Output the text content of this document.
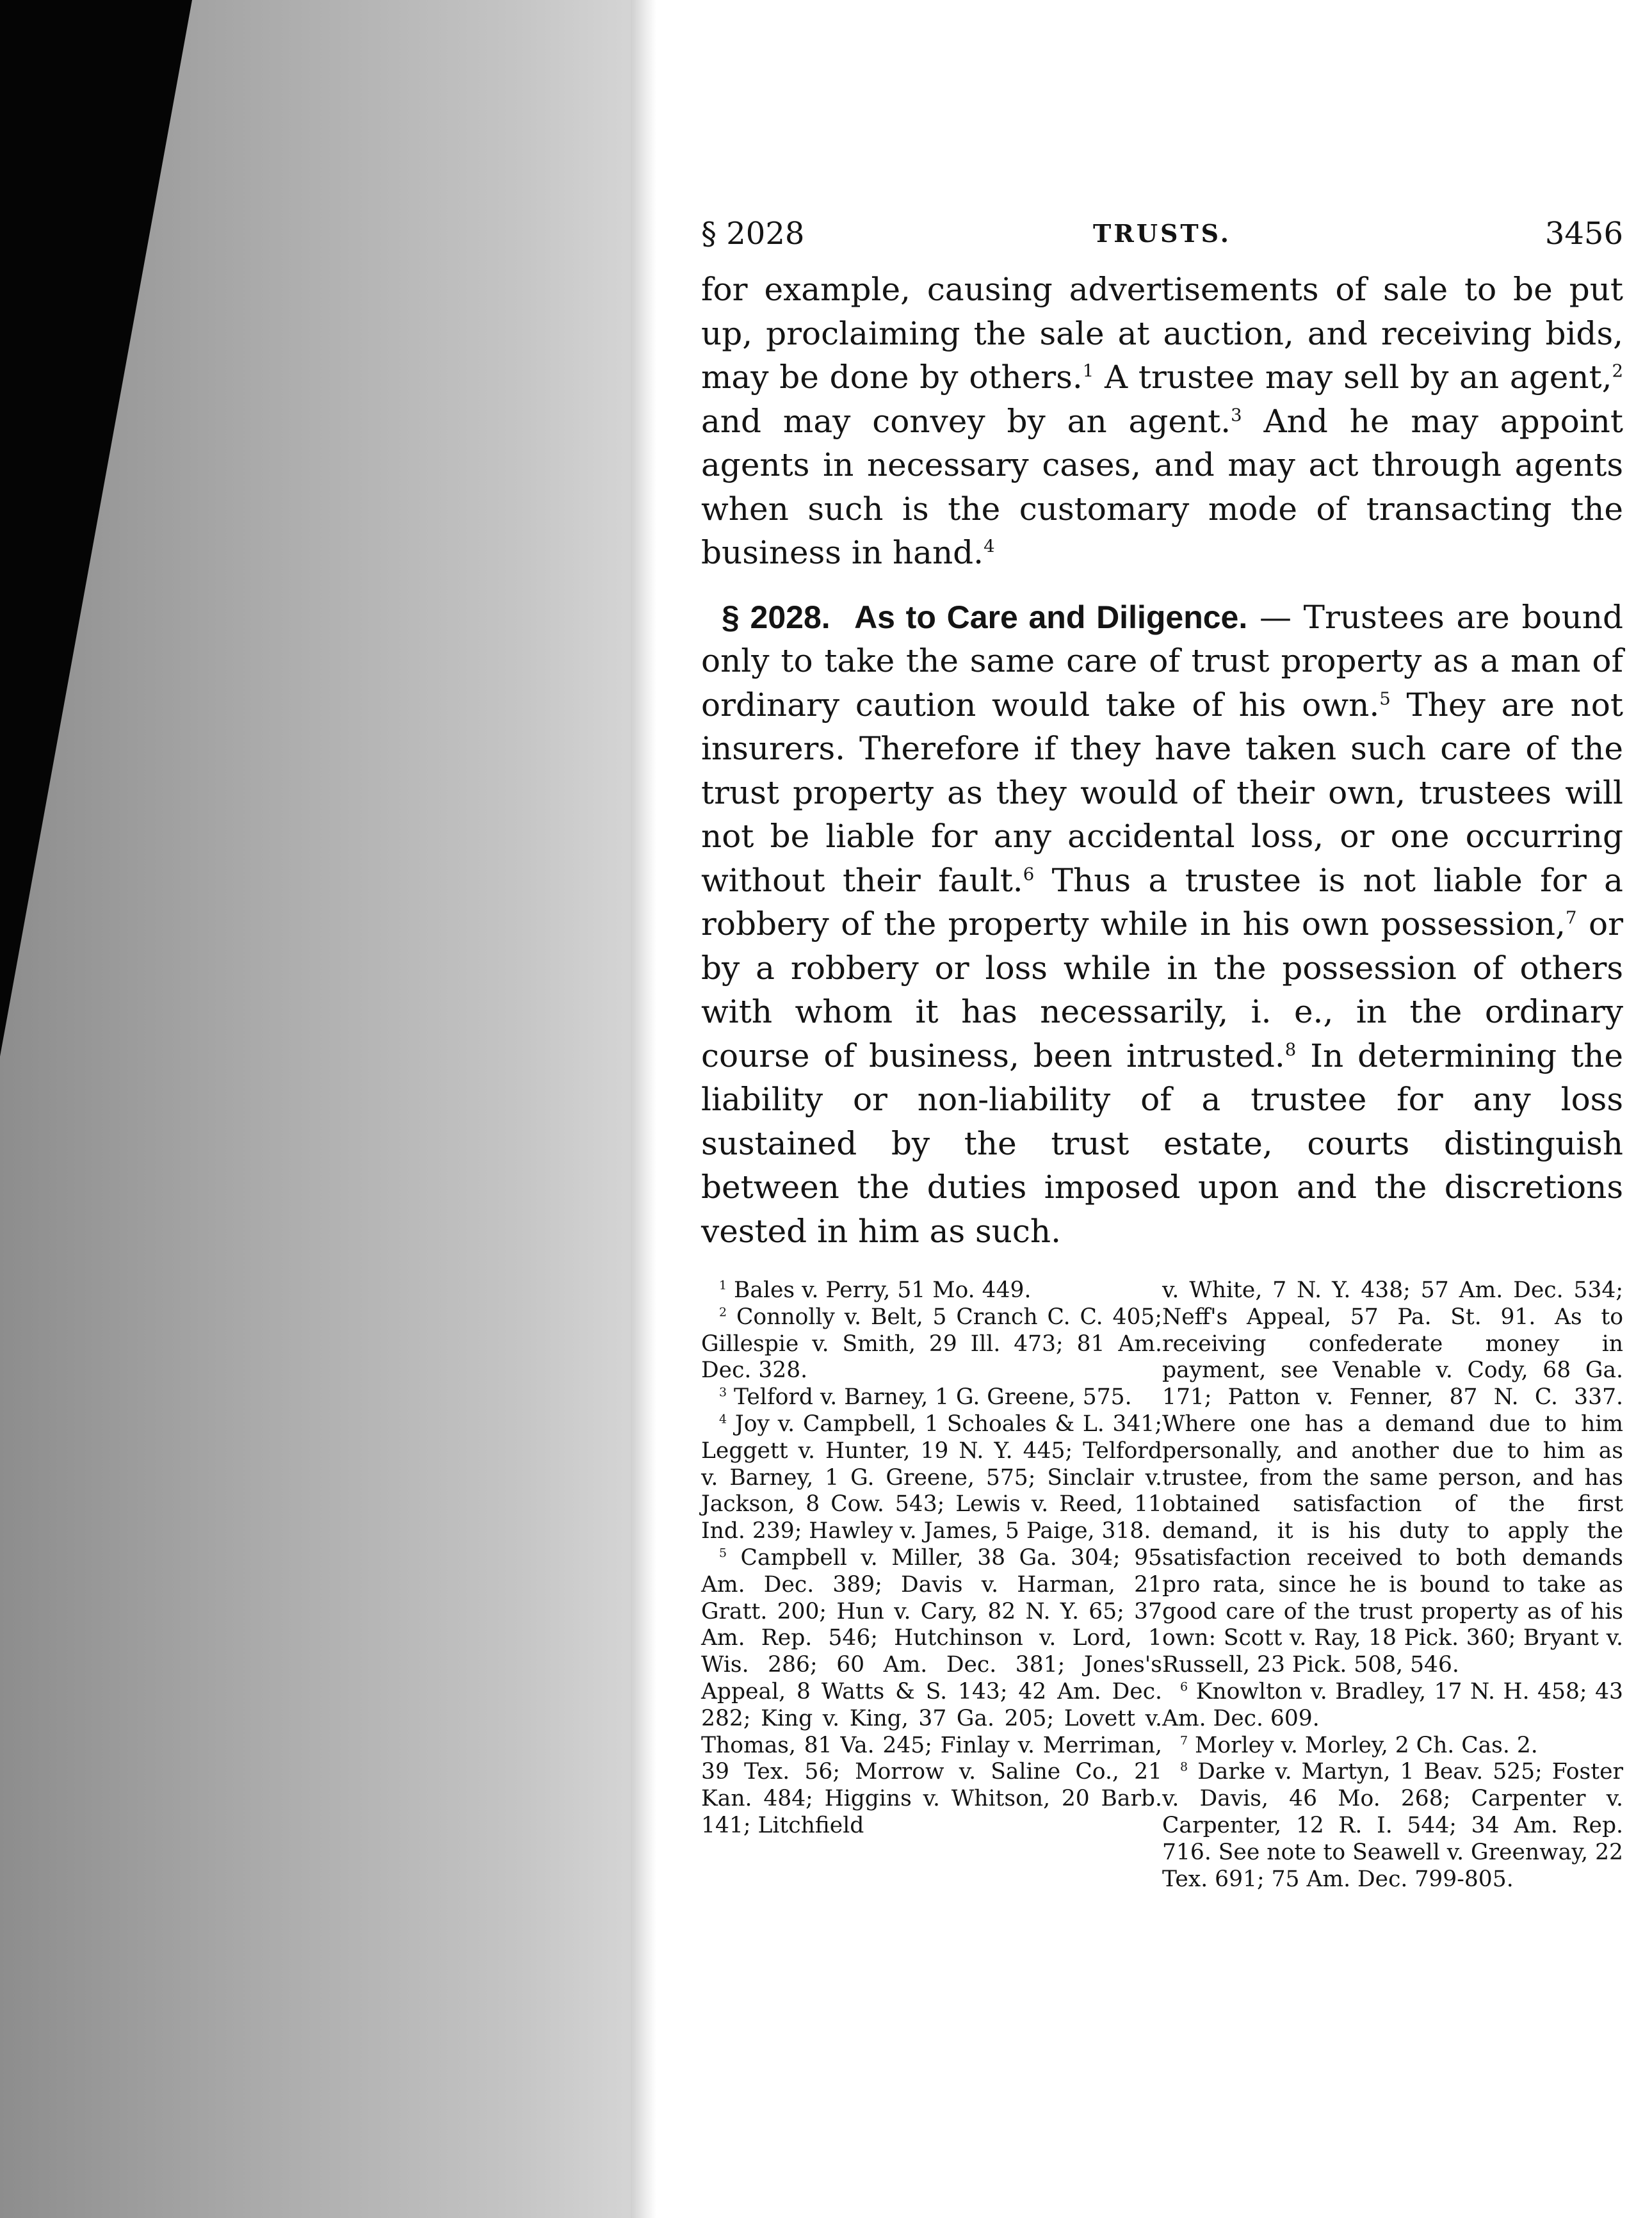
§ 2028	TRUSTS.	3456

for example, causing advertisements of sale to be put up, proclaiming the sale at auction, and receiving bids, may be done by others.$^1$ A trustee may sell by an agent,$^2$ and may convey by an agent.$^3$ And he may appoint agents in necessary cases, and may act through agents when such is the customary mode of transacting the business in hand.$^4$

§ 2028. As to Care and Diligence. — Trustees are bound only to take the same care of trust property as a man of ordinary caution would take of his own.$^5$ They are not insurers. Therefore if they have taken such care of the trust property as they would of their own, trustees will not be liable for any accidental loss, or one occurring without their fault.$^6$ Thus a trustee is not liable for a robbery of the property while in his own possession,$^7$ or by a robbery or loss while in the possession of others with whom it has necessarily, i. e., in the ordinary course of business, been intrusted.$^8$ In determining the liability or non-liability of a trustee for any loss sustained by the trust estate, courts distinguish between the duties imposed upon and the discretions vested in him as such.

$^1$ Bales v. Perry, 51 Mo. 449.

$^2$ Connolly v. Belt, 5 Cranch C. C. 405; Gillespie v. Smith, 29 Ill. 473; 81 Am. Dec. 328.

$^3$ Telford v. Barney, 1 G. Greene, 575.

$^4$ Joy v. Campbell, 1 Schoales & L. 341; Leggett v. Hunter, 19 N. Y. 445; Telford v. Barney, 1 G. Greene, 575; Sinclair v. Jackson, 8 Cow. 543; Lewis v. Reed, 11 Ind. 239; Hawley v. James, 5 Paige, 318.

$^5$ Campbell v. Miller, 38 Ga. 304; 95 Am. Dec. 389; Davis v. Harman, 21 Gratt. 200; Hun v. Cary, 82 N. Y. 65; 37 Am. Rep. 546; Hutchinson v. Lord, 1 Wis. 286; 60 Am. Dec. 381; Jones's Appeal, 8 Watts & S. 143; 42 Am. Dec. 282; King v. King, 37 Ga. 205; Lovett v. Thomas, 81 Va. 245; Finlay v. Merriman, 39 Tex. 56; Morrow v. Saline Co., 21 Kan. 484; Higgins v. Whitson, 20 Barb. 141; Litchfield

v. White, 7 N. Y. 438; 57 Am. Dec. 534; Neff's Appeal, 57 Pa. St. 91. As to receiving confederate money in payment, see Venable v. Cody, 68 Ga. 171; Patton v. Fenner, 87 N. C. 337. Where one has a demand due to him personally, and another due to him as trustee, from the same person, and has obtained satisfaction of the first demand, it is his duty to apply the satisfaction received to both demands pro rata, since he is bound to take as good care of the trust property as of his own: Scott v. Ray, 18 Pick. 360; Bryant v. Russell, 23 Pick. 508, 546.

$^6$ Knowlton v. Bradley, 17 N. H. 458; 43 Am. Dec. 609.

$^7$ Morley v. Morley, 2 Ch. Cas. 2.

$^8$ Darke v. Martyn, 1 Beav. 525; Foster v. Davis, 46 Mo. 268; Carpenter v. Carpenter, 12 R. I. 544; 34 Am. Rep. 716. See note to Seawell v. Greenway, 22 Tex. 691; 75 Am. Dec. 799-805.
